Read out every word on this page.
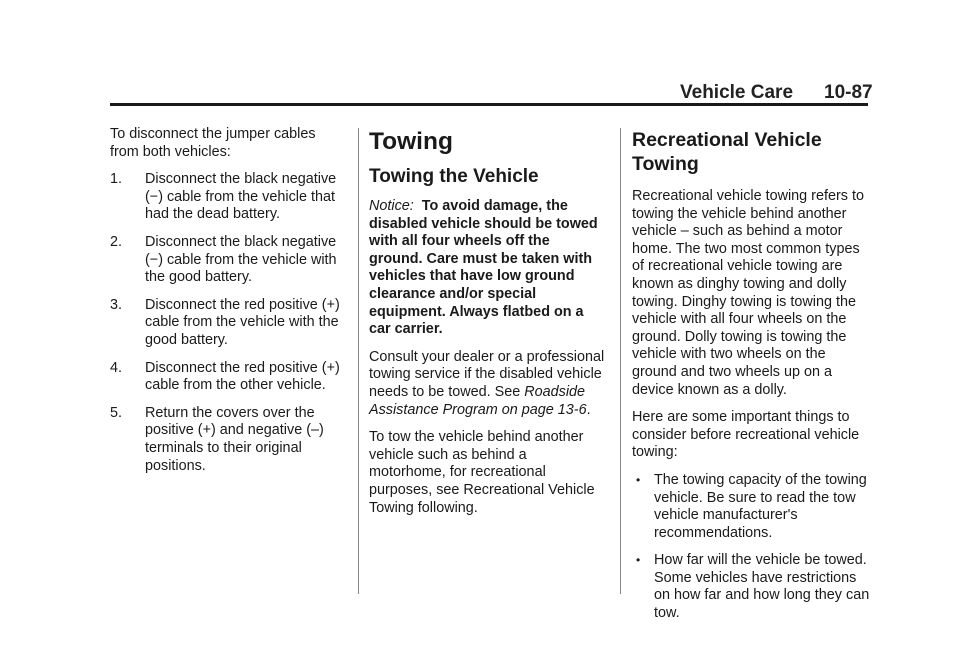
Vehicle Care 10-87

To disconnect the jumper cables from both vehicles:

1. Disconnect the black negative (−) cable from the vehicle that had the dead battery.
2. Disconnect the black negative (−) cable from the vehicle with the good battery.
3. Disconnect the red positive (+) cable from the vehicle with the good battery.
4. Disconnect the red positive (+) cable from the other vehicle.
5. Return the covers over the positive (+) and negative (–) terminals to their original positions.
Towing
Towing the Vehicle

Notice: To avoid damage, the disabled vehicle should be towed with all four wheels off the ground. Care must be taken with vehicles that have low ground clearance and/or special equipment. Always flatbed on a car carrier.

Consult your dealer or a professional towing service if the disabled vehicle needs to be towed. See Roadside Assistance Program on page 13-6.

To tow the vehicle behind another vehicle such as behind a motorhome, for recreational purposes, see Recreational Vehicle Towing following.

Recreational Vehicle Towing

Recreational vehicle towing refers to towing the vehicle behind another vehicle – such as behind a motor home. The two most common types of recreational vehicle towing are known as dinghy towing and dolly towing. Dinghy towing is towing the vehicle with all four wheels on the ground. Dolly towing is towing the vehicle with two wheels on the ground and two wheels up on a device known as a dolly.

Here are some important things to consider before recreational vehicle towing:

• The towing capacity of the towing vehicle. Be sure to read the tow vehicle manufacturer's recommendations.
• How far will the vehicle be towed. Some vehicles have restrictions on how far and how long they can tow.
